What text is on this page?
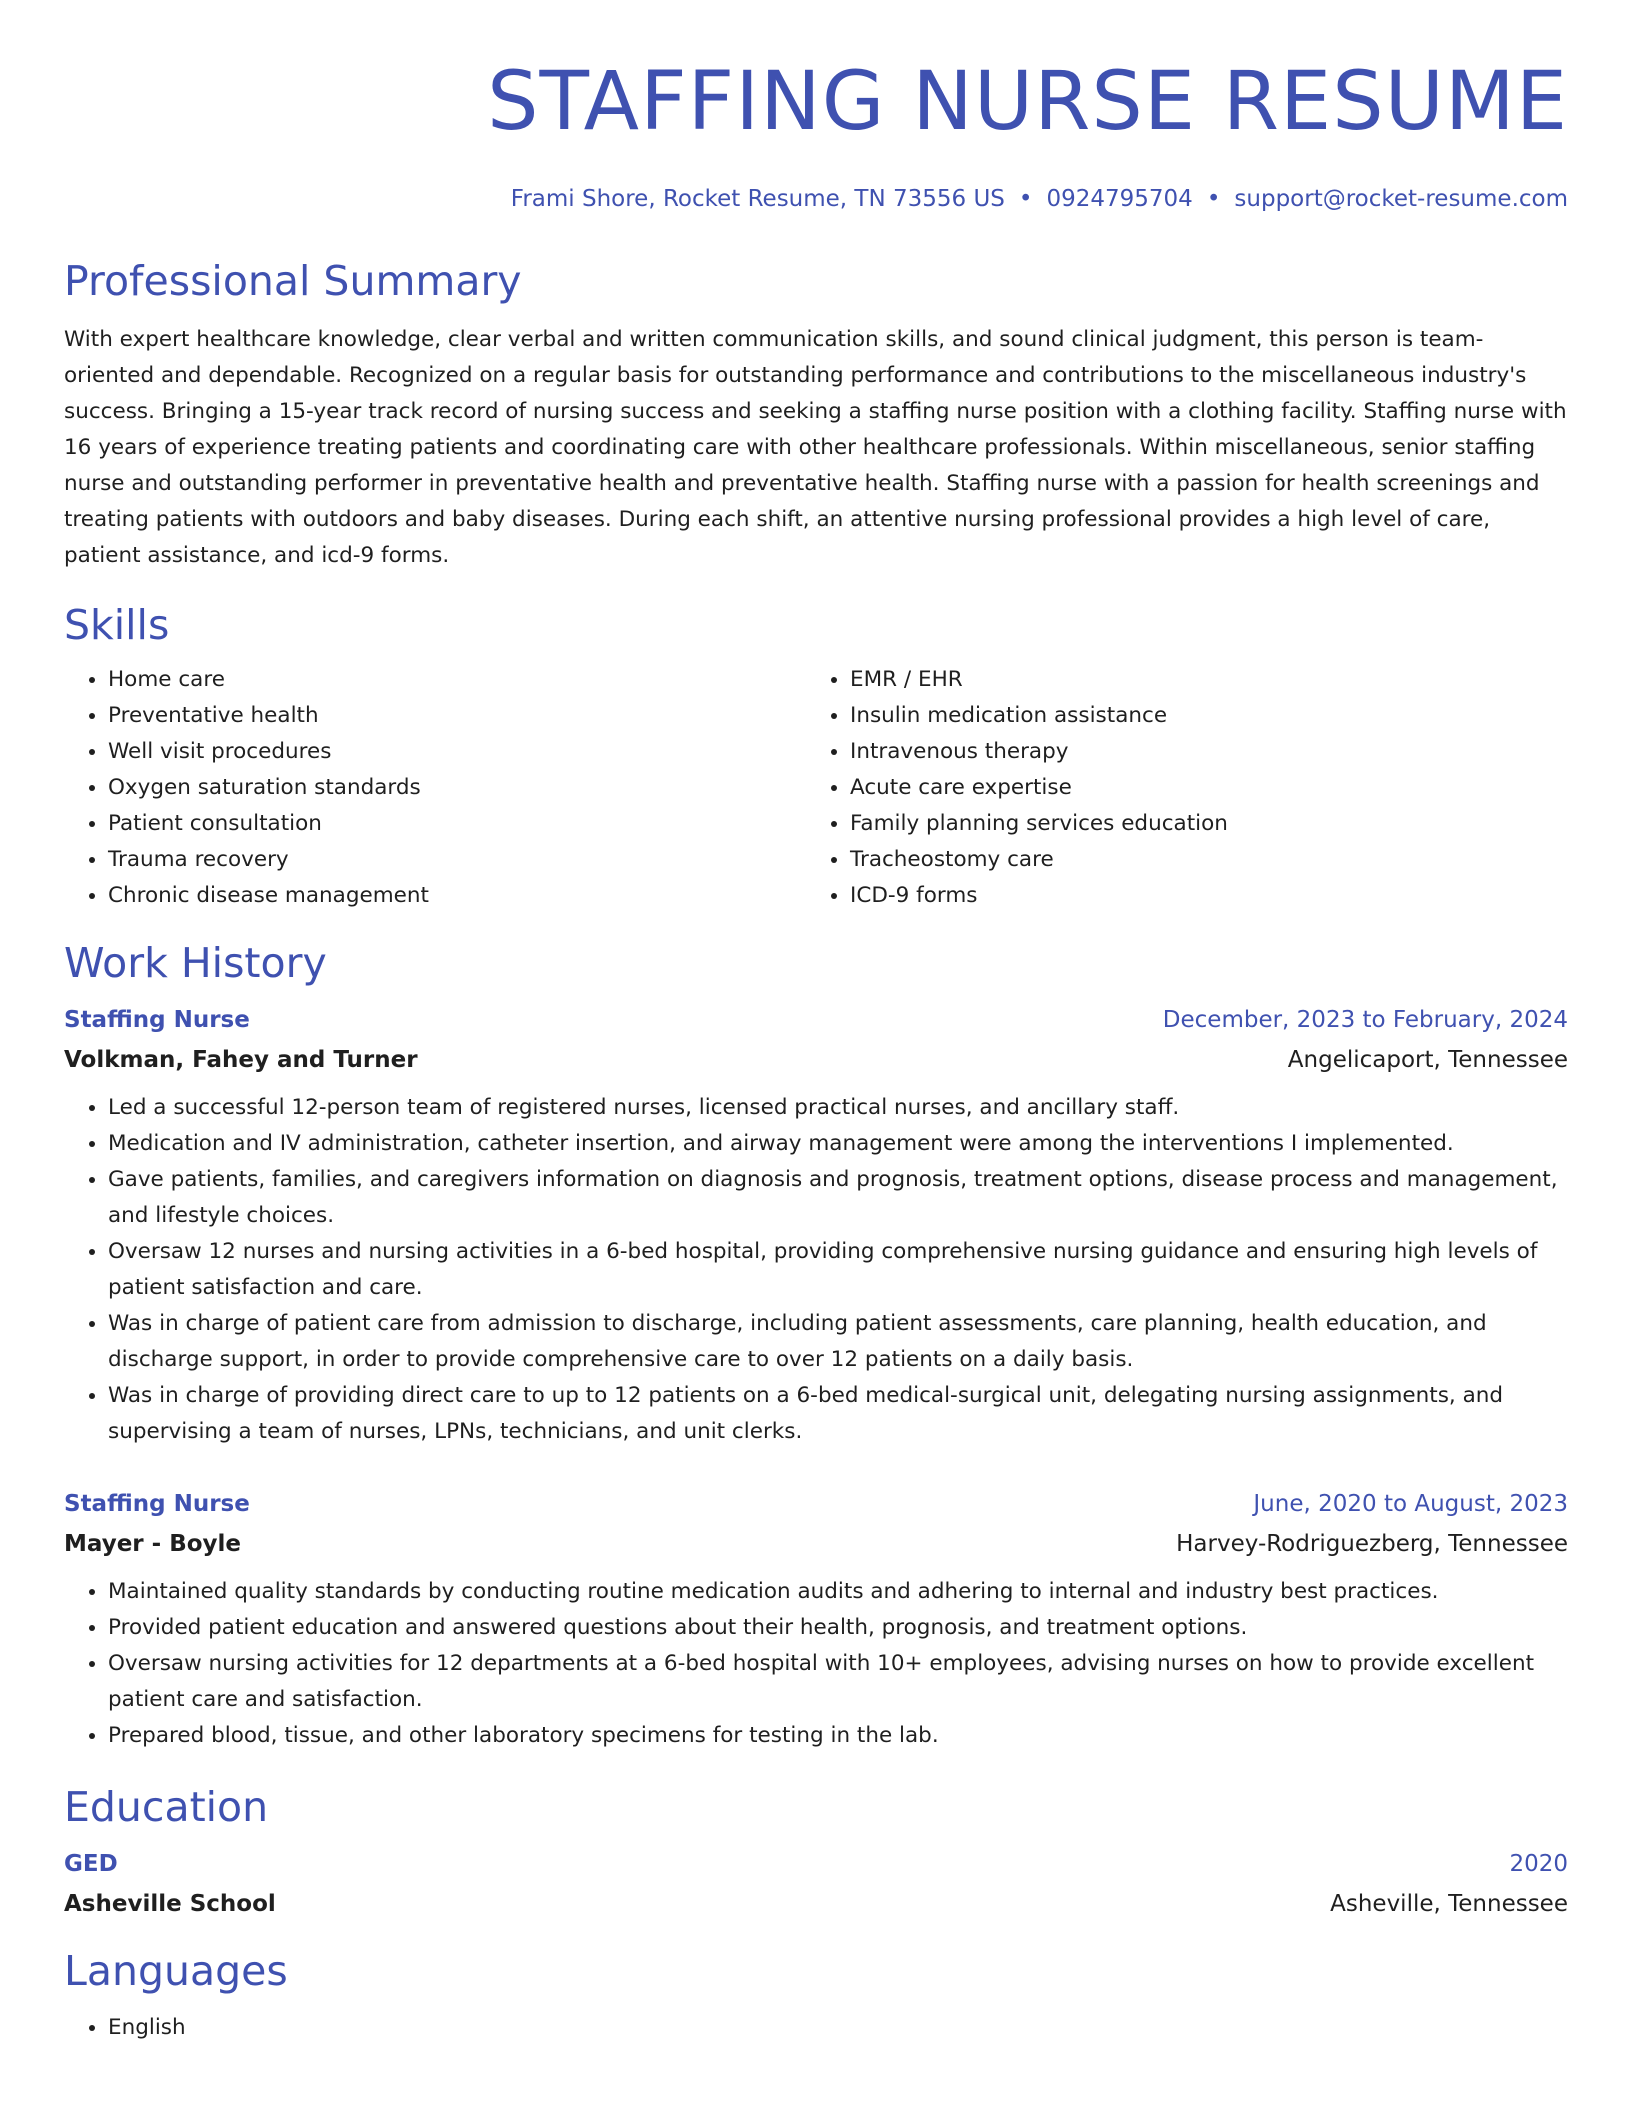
STAFFING NURSE RESUME
Frami Shore, Rocket Resume, TN 73556 US • 0924795704 • support@rocket-resume.com
Professional Summary
With expert healthcare knowledge, clear verbal and written communication skills, and sound clinical judgment, this person is team-oriented and dependable. Recognized on a regular basis for outstanding performance and contributions to the miscellaneous industry's success. Bringing a 15-year track record of nursing success and seeking a staffing nurse position with a clothing facility. Staffing nurse with 16 years of experience treating patients and coordinating care with other healthcare professionals. Within miscellaneous, senior staffing nurse and outstanding performer in preventative health and preventative health. Staffing nurse with a passion for health screenings and treating patients with outdoors and baby diseases. During each shift, an attentive nursing professional provides a high level of care, patient assistance, and icd-9 forms.
Skills
• Home care
• Preventative health
• Well visit procedures
• Oxygen saturation standards
• Patient consultation
• Trauma recovery
• Chronic disease management
• EMR / EHR
• Insulin medication assistance
• Intravenous therapy
• Acute care expertise
• Family planning services education
• Tracheostomy care
• ICD-9 forms
Work History
Staffing Nurse	December, 2023 to February, 2024
Volkman, Fahey and Turner	Angelicaport, Tennessee
• Led a successful 12-person team of registered nurses, licensed practical nurses, and ancillary staff.
• Medication and IV administration, catheter insertion, and airway management were among the interventions I implemented.
• Gave patients, families, and caregivers information on diagnosis and prognosis, treatment options, disease process and management, and lifestyle choices.
• Oversaw 12 nurses and nursing activities in a 6-bed hospital, providing comprehensive nursing guidance and ensuring high levels of patient satisfaction and care.
• Was in charge of patient care from admission to discharge, including patient assessments, care planning, health education, and discharge support, in order to provide comprehensive care to over 12 patients on a daily basis.
• Was in charge of providing direct care to up to 12 patients on a 6-bed medical-surgical unit, delegating nursing assignments, and supervising a team of nurses, LPNs, technicians, and unit clerks.
Staffing Nurse	June, 2020 to August, 2023
Mayer - Boyle	Harvey-Rodriguezberg, Tennessee
• Maintained quality standards by conducting routine medication audits and adhering to internal and industry best practices.
• Provided patient education and answered questions about their health, prognosis, and treatment options.
• Oversaw nursing activities for 12 departments at a 6-bed hospital with 10+ employees, advising nurses on how to provide excellent patient care and satisfaction.
• Prepared blood, tissue, and other laboratory specimens for testing in the lab.
Education
GED	2020
Asheville School	Asheville, Tennessee
Languages
• English
